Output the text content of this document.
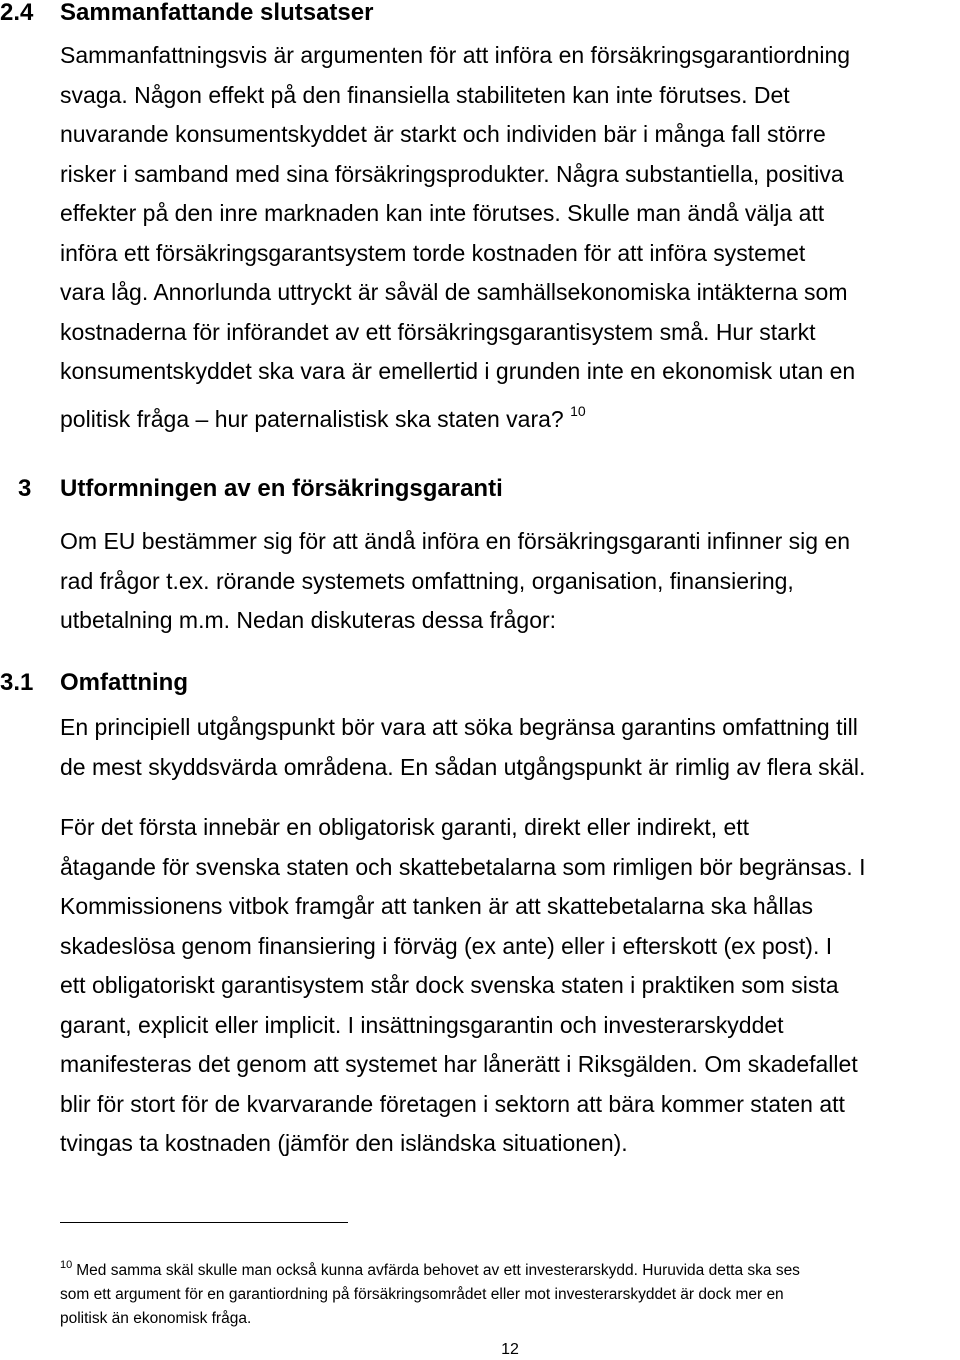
2.4 Sammanfattande slutsatser

Sammanfattningsvis är argumenten för att införa en försäkringsgarantiordning
svaga. Någon effekt på den finansiella stabiliteten kan inte förutses. Det
nuvarande konsumentskyddet är starkt och individen bär i många fall större
risker i samband med sina försäkringsprodukter. Några substantiella, positiva
effekter på den inre marknaden kan inte förutses. Skulle man ändå välja att
införa ett försäkringsgarantsystem torde kostnaden för att införa systemet
vara låg. Annorlunda uttryckt är såväl de samhällsekonomiska intäkterna som
kostnaderna för införandet av ett försäkringsgarantisystem små. Hur starkt
konsumentskyddet ska vara är emellertid i grunden inte en ekonomisk utan en
politisk fråga – hur paternalistisk ska staten vara? $^{10}$

3 Utformningen av en försäkringsgaranti

Om EU bestämmer sig för att ändå införa en försäkringsgaranti infinner sig en
rad frågor t.ex. rörande systemets omfattning, organisation, finansiering,
utbetalning m.m. Nedan diskuteras dessa frågor:

3.1 Omfattning

En principiell utgångspunkt bör vara att söka begränsa garantins omfattning till
de mest skyddsvärda områdena. En sådan utgångspunkt är rimlig av flera skäl.

För det första innebär en obligatorisk garanti, direkt eller indirekt, ett
åtagande för svenska staten och skattebetalarna som rimligen bör begränsas. I
Kommissionens vitbok framgår att tanken är att skattebetalarna ska hållas
skadeslösa genom finansiering i förväg (ex ante) eller i efterskott (ex post). I
ett obligatoriskt garantisystem står dock svenska staten i praktiken som sista
garant, explicit eller implicit. I insättningsgarantin och investerarskyddet
manifesteras det genom att systemet har lånerätt i Riksgälden. Om skadefallet
blir för stort för de kvarvarande företagen i sektorn att bära kommer staten att
tvingas ta kostnaden (jämför den isländska situationen).

$^{10}$ Med samma skäl skulle man också kunna avfärda behovet av ett investerarskydd. Huruvida detta ska ses
som ett argument för en garantiordning på försäkringsområdet eller mot investerarskyddet är dock mer en
politisk än ekonomisk fråga.

12
